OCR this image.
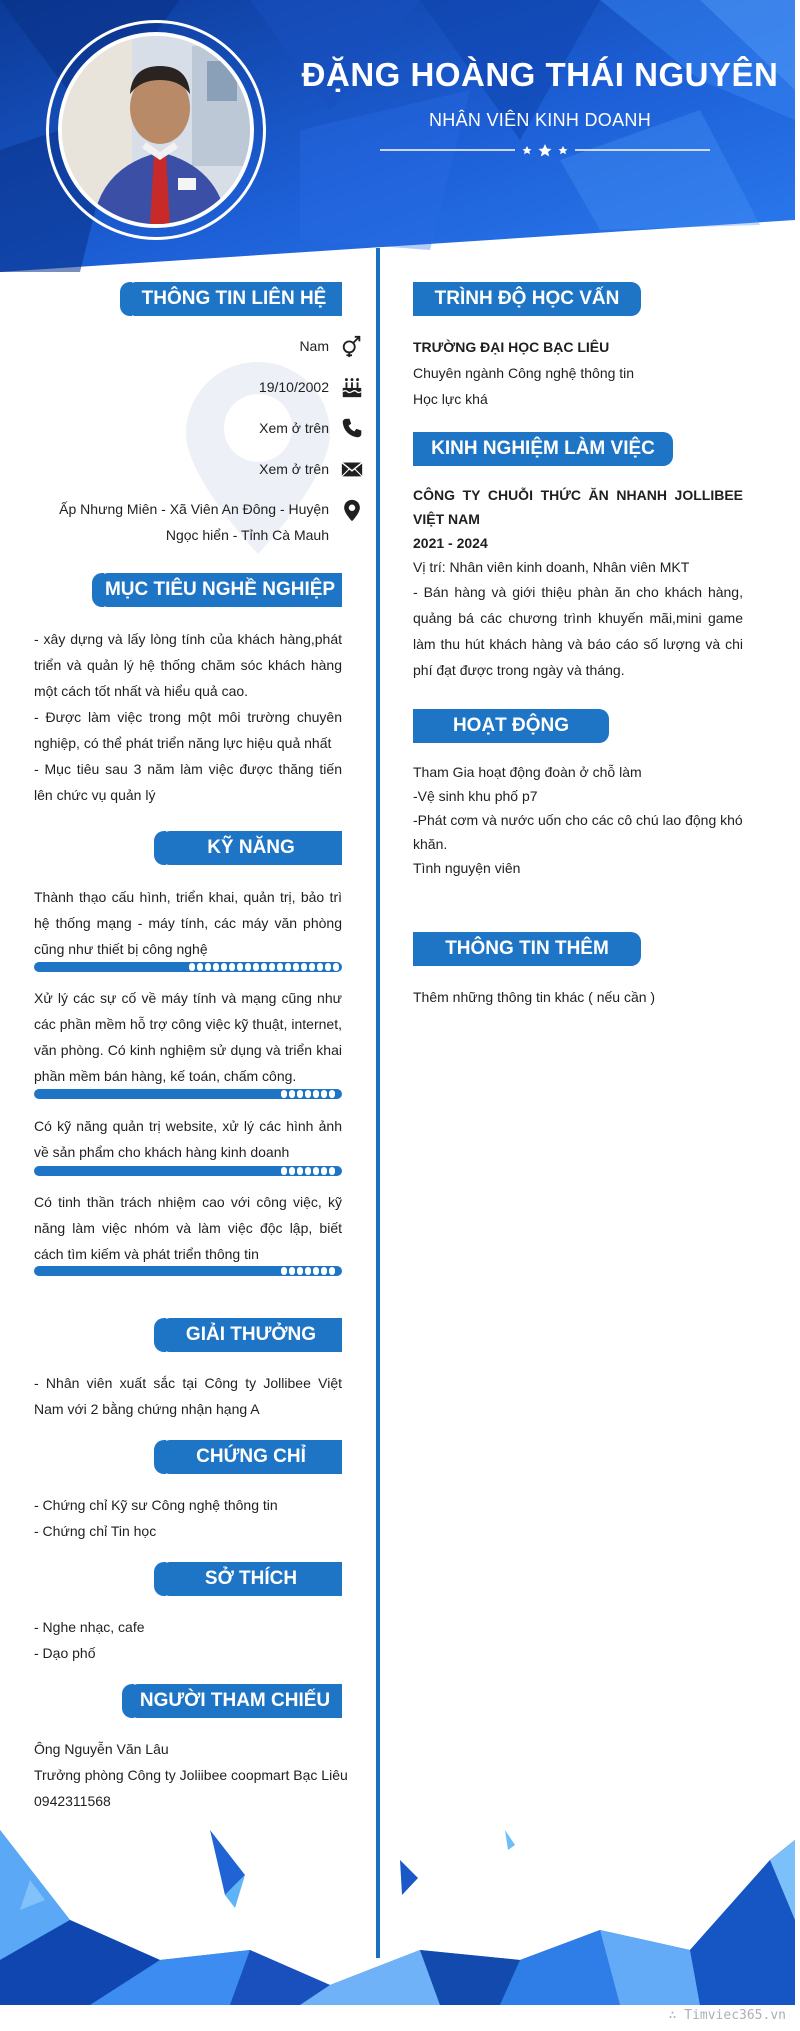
ĐẶNG HOÀNG THÁI NGUYÊN
NHÂN VIÊN KINH DOANH
THÔNG TIN LIÊN HỆ
Nam
19/10/2002
Xem ở trên
Xem ở trên
Ấp Nhưng Miên - Xã Viên An Đông - Huyện
Ngọc hiển - Tỉnh Cà Mauh
MỤC TIÊU NGHỀ NGHIỆP
- xây dựng và lấy lòng tính của khách hàng,phát triển và quản lý hệ thống chăm sóc khách hàng một cách tốt nhất và hiểu quả cao.
- Được làm việc trong một môi trường chuyên nghiệp, có thể phát triển năng lực hiệu quả nhất
- Mục tiêu sau 3 năm làm việc được thăng tiến lên chức vụ quản lý
KỸ NĂNG
Thành thạo cấu hình, triển khai, quản trị, bảo trì hệ thống mạng - máy tính, các máy văn phòng cũng như thiết bị công nghệ
Xử lý các sự cố về máy tính và mạng cũng như các phần mềm hỗ trợ công việc kỹ thuật, internet, văn phòng. Có kinh nghiệm sử dụng và triển khai phần mềm bán hàng, kế toán, chấm công.
Có kỹ năng quản trị website, xử lý các hình ảnh về sản phẩm cho khách hàng kinh doanh
Có tinh thần trách nhiệm cao với công việc, kỹ năng làm việc nhóm và làm việc độc lập, biết cách tìm kiếm và phát triển thông tin
GIẢI THƯỞNG
- Nhân viên xuất sắc tại Công ty Jollibee Việt Nam với 2 bằng chứng nhận hạng A
CHỨNG CHỈ
- Chứng chỉ Kỹ sư Công nghệ thông tin
- Chứng chỉ Tin học
SỞ THÍCH
- Nghe nhạc, cafe
- Dạo phố
NGƯỜI THAM CHIẾU
Ông Nguyễn Văn Lâu
Trưởng phòng Công ty Joliibee coopmart Bạc Liêu
0942311568
TRÌNH ĐỘ HỌC VẤN
TRƯỜNG ĐẠI HỌC BẠC LIÊU
Chuyên ngành Công nghệ thông tin
Học lực khá
KINH NGHIỆM LÀM VIỆC
CÔNG TY CHUỖI THỨC ĂN NHANH JOLLIBEE VIỆT NAM
2021 - 2024
Vị trí: Nhân viên kinh doanh, Nhân viên MKT
- Bán hàng và giới thiệu phàn ăn cho khách hàng, quảng bá các chương trình khuyến mãi,mini game làm thu hút khách hàng và báo cáo số lượng và chi phí đạt được trong ngày và tháng.
HOẠT ĐỘNG
Tham Gia hoạt động đoàn ở chỗ làm
-Vệ sinh khu phố p7
-Phát cơm và nước uốn cho các cô chú lao động khó khăn.
Tình nguyện viên
THÔNG TIN THÊM
Thêm những thông tin khác ( nếu cần )
∴ Timviec365.vn
